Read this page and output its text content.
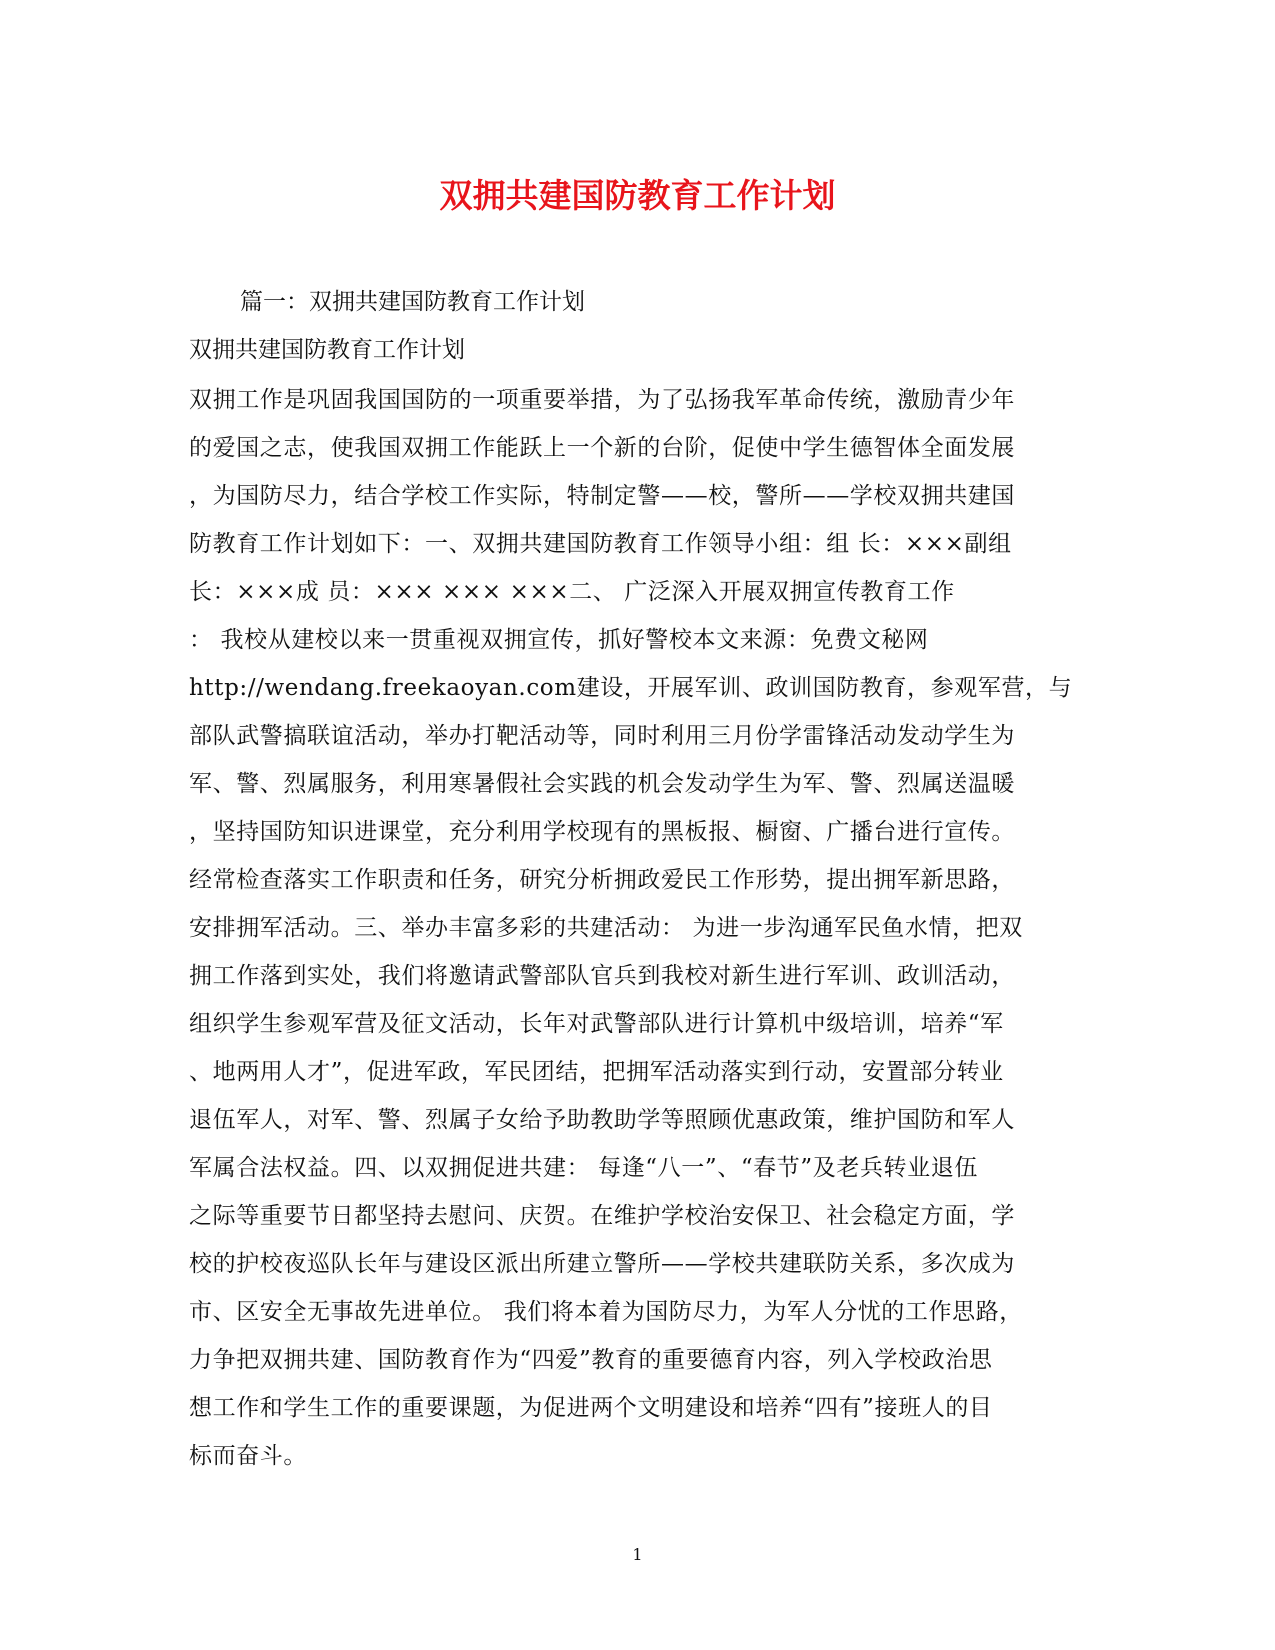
双拥共建国防教育工作计划

篇一：双拥共建国防教育工作计划

双拥共建国防教育工作计划

双拥工作是巩固我国国防的一项重要举措，为了弘扬我军革命传统，激励青少年
的爱国之志，使我国双拥工作能跃上一个新的台阶，促使中学生德智体全面发展
，为国防尽力，结合学校工作实际，特制定警——校，警所——学校双拥共建国
防教育工作计划如下：一、双拥共建国防教育工作领导小组：组 长：×××副组
长：×××成 员：××× ××× ×××二、 广泛深入开展双拥宣传教育工作
： 我校从建校以来一贯重视双拥宣传，抓好警校本文来源：免费文秘网
http://wendang.freekaoyan.com建设，开展军训、政训国防教育，参观军营，与
部队武警搞联谊活动，举办打靶活动等，同时利用三月份学雷锋活动发动学生为
军、警、烈属服务，利用寒暑假社会实践的机会发动学生为军、警、烈属送温暖
，坚持国防知识进课堂，充分利用学校现有的黑板报、橱窗、广播台进行宣传。
经常检查落实工作职责和任务，研究分析拥政爱民工作形势，提出拥军新思路，
安排拥军活动。三、举办丰富多彩的共建活动： 为进一步沟通军民鱼水情，把双
拥工作落到实处，我们将邀请武警部队官兵到我校对新生进行军训、政训活动，
组织学生参观军营及征文活动，长年对武警部队进行计算机中级培训，培养“军
、地两用人才”，促进军政，军民团结，把拥军活动落实到行动，安置部分转业
退伍军人，对军、警、烈属子女给予助教助学等照顾优惠政策，维护国防和军人
军属合法权益。四、以双拥促进共建： 每逢“八一”、“春节”及老兵转业退伍
之际等重要节日都坚持去慰问、庆贺。在维护学校治安保卫、社会稳定方面，学
校的护校夜巡队长年与建设区派出所建立警所——学校共建联防关系，多次成为
市、区安全无事故先进单位。 我们将本着为国防尽力，为军人分忧的工作思路，
力争把双拥共建、国防教育作为“四爱”教育的重要德育内容，列入学校政治思
想工作和学生工作的重要课题，为促进两个文明建设和培养“四有”接班人的目
标而奋斗。
1
